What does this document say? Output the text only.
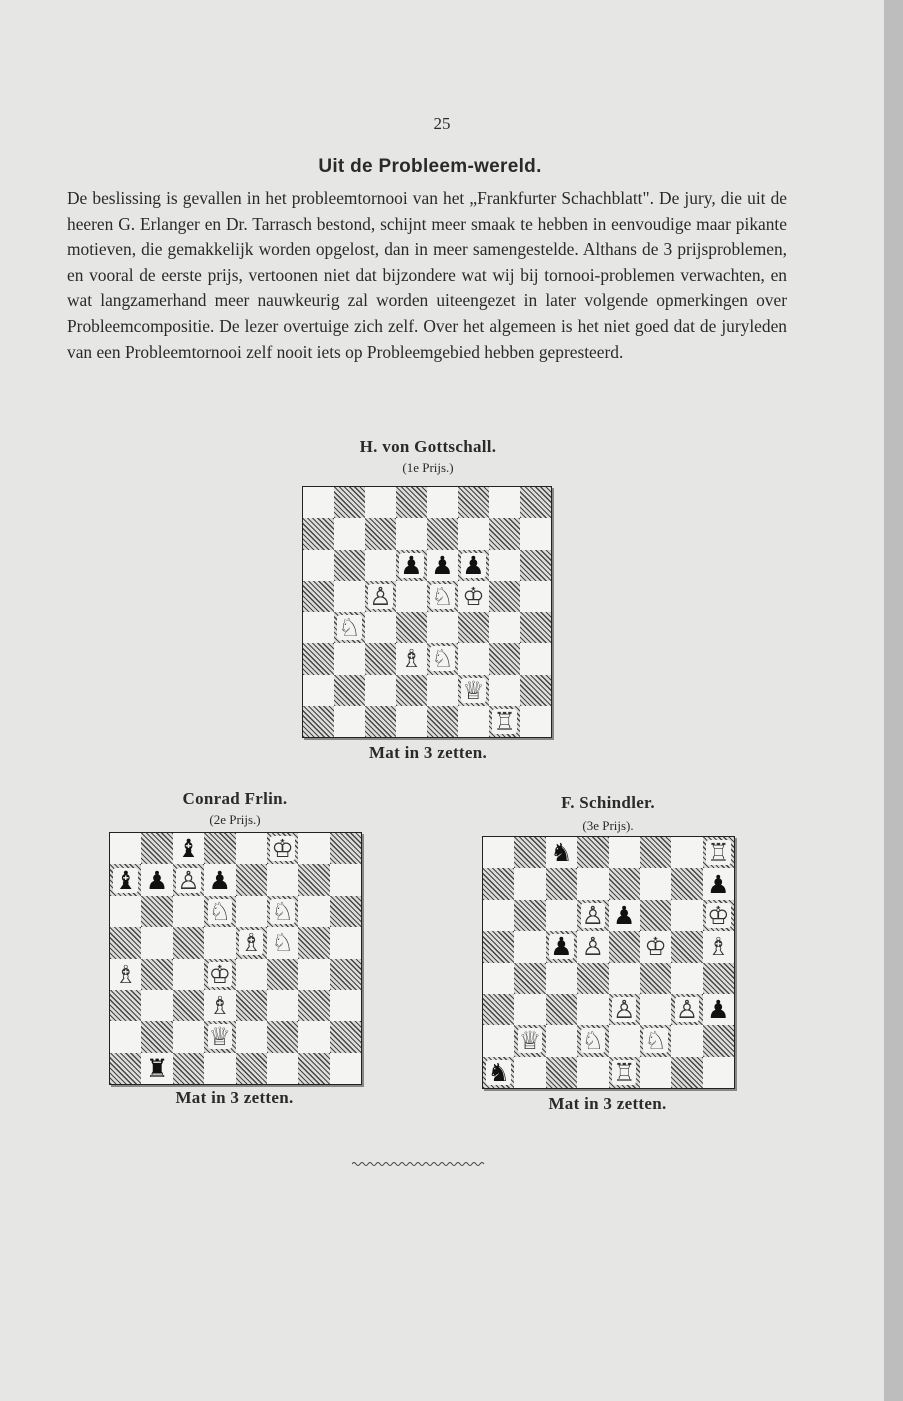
25
Uit de Probleem-wereld.

De beslissing is gevallen in het probleemtornooi van het „Frankfurter Schachblatt". De jury, die uit de heeren G. Erlanger en Dr. Tarrasch bestond, schijnt meer smaak te hebben in eenvoudige maar pikante motieven, die gemakkelijk worden opgelost, dan in meer samengestelde. Althans de 3 prijsproblemen, en vooral de eerste prijs, vertoonen niet dat bijzondere wat wij bij tornooi-problemen verwachten, en wat langzamerhand meer nauwkeurig zal worden uiteengezet in later volgende opmerkingen over Probleemcompositie. De lezer overtuige zich zelf. Over het algemeen is het niet goed dat de juryleden van een Probleemtornooi zelf nooit iets op Probleemgebied hebben gepresteerd.

H. von Gottschall.
(1e Prijs.)
♟ ♟ ♟
♙ ♘ ♔
♘
♗ ♘
♕
♖
Mat in 3 zetten.
Conrad Frlin.
(2e Prijs.)
♝	♔
♝ ♟ ♙ ♟
♘ ♘
♗ ♘
♗	♔
♗
♕
♜
Mat in 3 zetten.
F. Schindler.
(3e Prijs).
♞	♖
♟
♙ ♟	♔
♟ ♙ ♔ ♗
♙ ♙ ♟
♕ ♘ ♘
♞	♖
Mat in 3 zetten.
